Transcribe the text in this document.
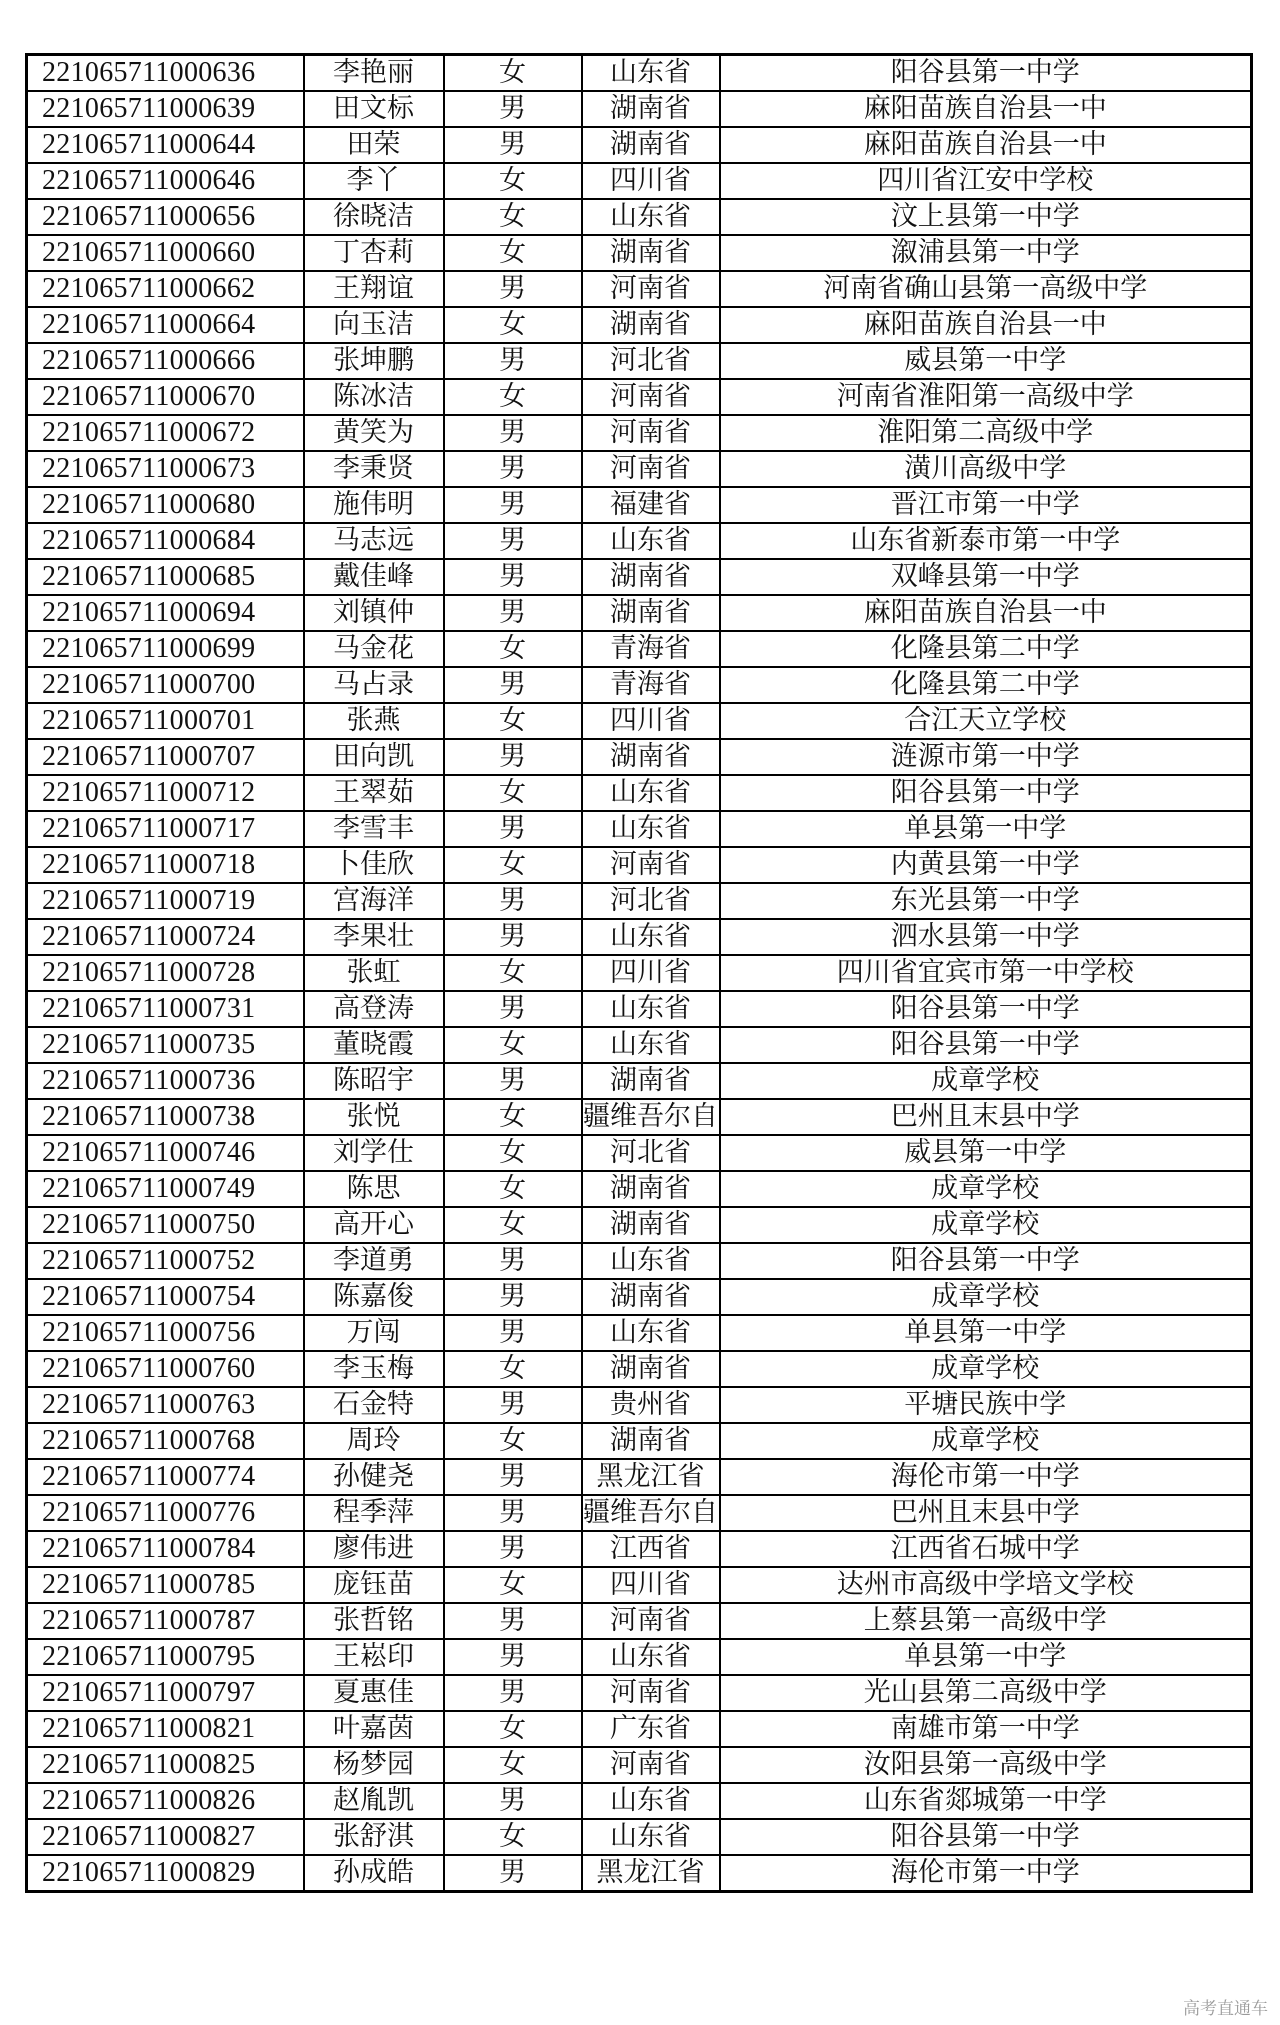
221065711000636	李艳丽	女	山东省	阳谷县第一中学
221065711000639	田文标	男	湖南省	麻阳苗族自治县一中
221065711000644	田荣	男	湖南省	麻阳苗族自治县一中
221065711000646	李丫	女	四川省	四川省江安中学校
221065711000656	徐晓洁	女	山东省	汶上县第一中学
221065711000660	丁杏莉	女	湖南省	溆浦县第一中学
221065711000662	王翔谊	男	河南省	河南省确山县第一高级中学
221065711000664	向玉洁	女	湖南省	麻阳苗族自治县一中
221065711000666	张坤鹏	男	河北省	威县第一中学
221065711000670	陈冰洁	女	河南省	河南省淮阳第一高级中学
221065711000672	黄笑为	男	河南省	淮阳第二高级中学
221065711000673	李秉贤	男	河南省	潢川高级中学
221065711000680	施伟明	男	福建省	晋江市第一中学
221065711000684	马志远	男	山东省	山东省新泰市第一中学
221065711000685	戴佳峰	男	湖南省	双峰县第一中学
221065711000694	刘镇仲	男	湖南省	麻阳苗族自治县一中
221065711000699	马金花	女	青海省	化隆县第二中学
221065711000700	马占录	男	青海省	化隆县第二中学
221065711000701	张燕	女	四川省	合江天立学校
221065711000707	田向凯	男	湖南省	涟源市第一中学
221065711000712	王翠茹	女	山东省	阳谷县第一中学
221065711000717	李雪丰	男	山东省	单县第一中学
221065711000718	卜佳欣	女	河南省	内黄县第一中学
221065711000719	宫海洋	男	河北省	东光县第一中学
221065711000724	李果壮	男	山东省	泗水县第一中学
221065711000728	张虹	女	四川省	四川省宜宾市第一中学校
221065711000731	高登涛	男	山东省	阳谷县第一中学
221065711000735	董晓霞	女	山东省	阳谷县第一中学
221065711000736	陈昭宇	男	湖南省	成章学校
221065711000738	张悦	女	疆维吾尔自	巴州且末县中学
221065711000746	刘学仕	女	河北省	威县第一中学
221065711000749	陈思	女	湖南省	成章学校
221065711000750	高开心	女	湖南省	成章学校
221065711000752	李道勇	男	山东省	阳谷县第一中学
221065711000754	陈嘉俊	男	湖南省	成章学校
221065711000756	万闯	男	山东省	单县第一中学
221065711000760	李玉梅	女	湖南省	成章学校
221065711000763	石金特	男	贵州省	平塘民族中学
221065711000768	周玲	女	湖南省	成章学校
221065711000774	孙健尧	男	黑龙江省	海伦市第一中学
221065711000776	程季萍	男	疆维吾尔自	巴州且末县中学
221065711000784	廖伟进	男	江西省	江西省石城中学
221065711000785	庞钰苗	女	四川省	达州市高级中学培文学校
221065711000787	张哲铭	男	河南省	上蔡县第一高级中学
221065711000795	王崧印	男	山东省	单县第一中学
221065711000797	夏惠佳	男	河南省	光山县第二高级中学
221065711000821	叶嘉茵	女	广东省	南雄市第一中学
221065711000825	杨梦园	女	河南省	汝阳县第一高级中学
221065711000826	赵胤凯	男	山东省	山东省郯城第一中学
221065711000827	张舒淇	女	山东省	阳谷县第一中学
221065711000829	孙成皓	男	黑龙江省	海伦市第一中学
高考直通车
